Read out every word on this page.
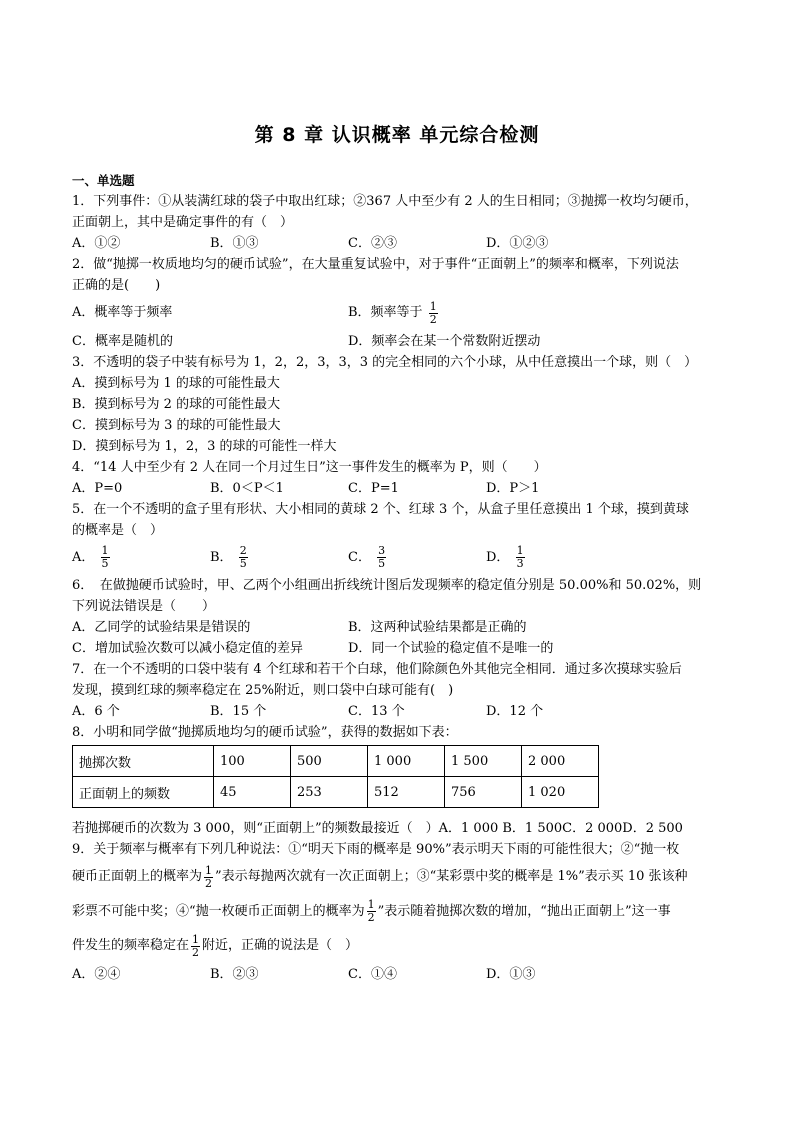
第 8 章 认识概率 单元综合检测
一、单选题
1．下列事件：①从装满红球的袋子中取出红球；②367 人中至少有 2 人的生日相同；③抛掷一枚均匀硬币，
正面朝上，其中是确定事件的有（　）
A．①②	B．①③	C．②③	D．①②③
2．做“抛掷一枚质地均匀的硬币试验”，在大量重复试验中，对于事件“正面朝上”的频率和概率，下列说法
正确的是(　　)
A．概率等于频率	B．频率等于 $\frac{1}{2}$
C．概率是随机的	D．频率会在某一个常数附近摆动
3．不透明的袋子中装有标号为 1，2，2，3，3，3 的完全相同的六个小球，从中任意摸出一个球，则（　）
A．摸到标号为 1 的球的可能性最大
B．摸到标号为 2 的球的可能性最大
C．摸到标号为 3 的球的可能性最大
D．摸到标号为 1，2，3 的球的可能性一样大
4．“14 人中至少有 2 人在同一个月过生日”这一事件发生的概率为 P，则（　　）
A．P=0	B．0＜P＜1	C．P=1	D．P＞1
5．在一个不透明的盒子里有形状、大小相同的黄球 2 个、红球 3 个，从盒子里任意摸出 1 个球，摸到黄球
的概率是（　）
A． $\frac{1}{5}$	B． $\frac{2}{5}$	C． $\frac{3}{5}$	D． $\frac{1}{3}$
6．　在做抛硬币试验时，甲、乙两个小组画出折线统计图后发现频率的稳定值分别是 50.00%和 50.02%，则
下列说法错误是（　　）
A．乙同学的试验结果是错误的	B．这两种试验结果都是正确的
C．增加试验次数可以减小稳定值的差异	D．同一个试验的稳定值不是唯一的
7．在一个不透明的口袋中装有 4 个红球和若干个白球，他们除颜色外其他完全相同．通过多次摸球实验后
发现，摸到红球的频率稳定在 25%附近，则口袋中白球可能有(　)
A．6 个	B．15 个	C．13 个	D．12 个
8．小明和同学做“抛掷质地均匀的硬币试验”，获得的数据如下表：
抛掷次数	100	500	1 000	1 500	2 000
正面朝上的频数	45	253	512	756	1 020
若抛掷硬币的次数为 3 000，则“正面朝上”的频数最接近（　）A．1 000 B．1 500C．2 000D．2 500
9．关于频率与概率有下列几种说法：①“明天下雨的概率是 90%”表示明天下雨的可能性很大；②“抛一枚
硬币正面朝上的概率为 $\frac{1}{2}$ ”表示每抛两次就有一次正面朝上；③“某彩票中奖的概率是 1%”表示买 10 张该种
彩票不可能中奖；④“抛一枚硬币正面朝上的概率为 $\frac{1}{2}$ ”表示随着抛掷次数的增加，“抛出正面朝上”这一事
件发生的频率稳定在 $\frac{1}{2}$ 附近，正确的说法是（　）
A．②④	B．②③	C．①④	D．①③
